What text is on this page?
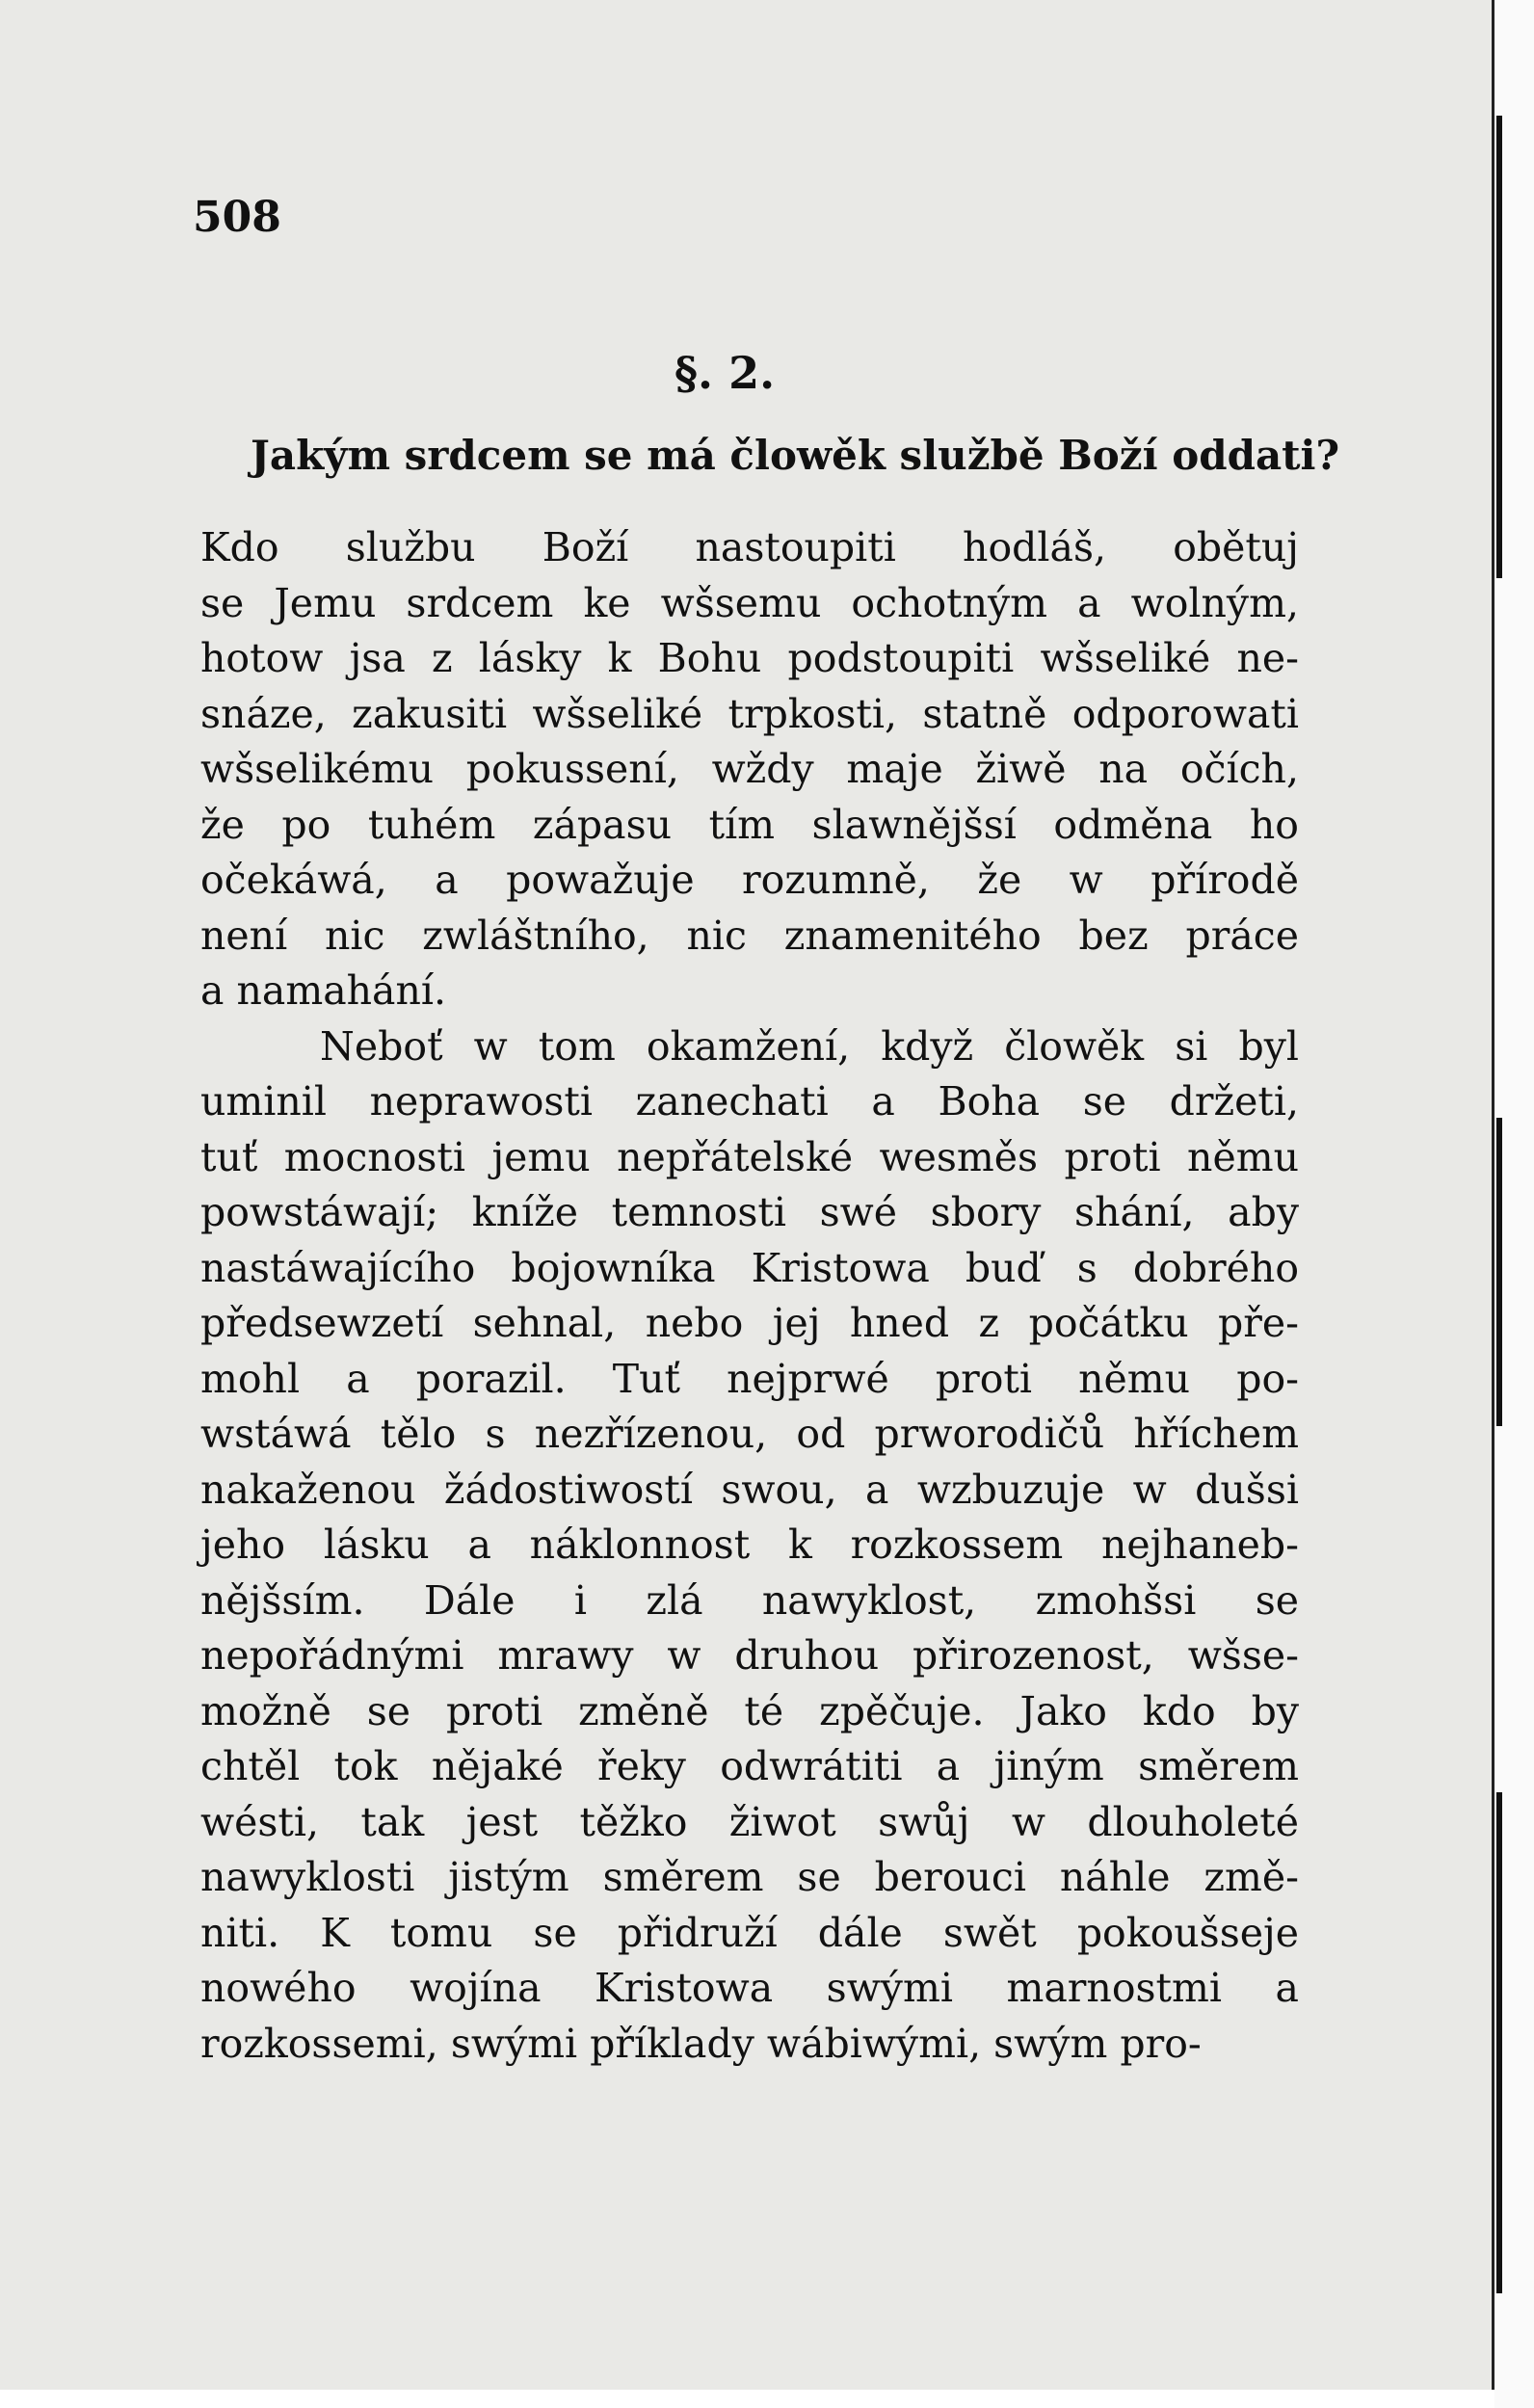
508
§. 2.
Jakým srdcem se má člowěk službě Boží oddati?
Kdo službu Boží nastoupiti hodláš, obětuj
se Jemu srdcem ke wšsemu ochotným a wolným,
hotow jsa z lásky k Bohu podstoupiti wšseliké ne-
snáze, zakusiti wšseliké trpkosti, statně odporowati
wšselikému pokussení, wždy maje žiwě na očích,
že po tuhém zápasu tím slawnějšsí odměna ho
očekáwá, a powažuje rozumně, že w přírodě
není nic zwláštního, nic znamenitého bez práce
a namahání.
Neboť w tom okamžení, když člowěk si byl
uminil neprawosti zanechati a Boha se držeti,
tuť mocnosti jemu nepřátelské wesměs proti němu
powstáwají; kníže temnosti swé sbory shání, aby
nastáwajícího bojowníka Kristowa buď s dobrého
předsewzetí sehnal, nebo jej hned z počátku pře-
mohl a porazil. Tuť nejprwé proti němu po-
wstáwá tělo s nezřízenou, od prworodičů hříchem
nakaženou žádostiwostí swou, a wzbuzuje w dušsi
jeho lásku a náklonnost k rozkossem nejhaneb-
nějšsím. Dále i zlá nawyklost, zmohšsi se
nepořádnými mrawy w druhou přirozenost, wšse-
možně se proti změně té zpěčuje. Jako kdo by
chtěl tok nějaké řeky odwrátiti a jiným směrem
wésti, tak jest těžko žiwot swůj w dlouholeté
nawyklosti jistým směrem se berouci náhle změ-
niti. K tomu se přidruží dále swět pokoušseje
nowého wojína Kristowa swými marnostmi a
rozkossemi, swými příklady wábiwými, swým pro-
